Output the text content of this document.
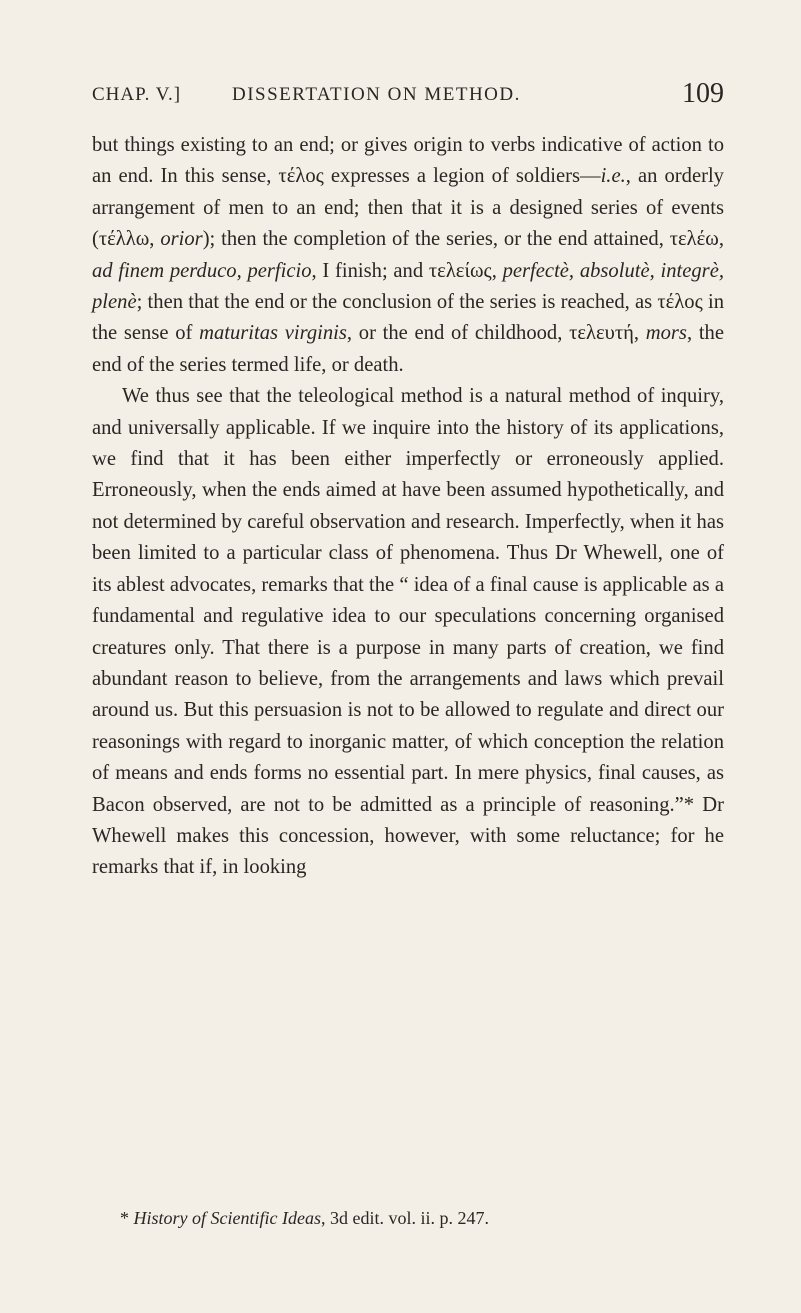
CHAP. V.]	DISSERTATION ON METHOD.	109

but things existing to an end; or gives origin to verbs indicative of action to an end. In this sense, τέλος expresses a legion of soldiers—i.e., an orderly arrangement of men to an end; then that it is a designed series of events (τέλλω, orior); then the completion of the series, or the end attained, τελέω, ad finem perduco, perficio, I finish; and τελείως, perfectè, absolutè, integrè, plenè; then that the end or the conclusion of the series is reached, as τέλος in the sense of maturitas virginis, or the end of childhood, τελευτή, mors, the end of the series termed life, or death.

We thus see that the teleological method is a natural method of inquiry, and universally applicable. If we inquire into the history of its applications, we find that it has been either imperfectly or erroneously applied. Erroneously, when the ends aimed at have been assumed hypothetically, and not determined by careful observation and research. Imperfectly, when it has been limited to a particular class of phenomena. Thus Dr Whewell, one of its ablest advocates, remarks that the “ idea of a final cause is applicable as a fundamental and regulative idea to our speculations concerning organised creatures only. That there is a purpose in many parts of creation, we find abundant reason to believe, from the arrangements and laws which prevail around us. But this persuasion is not to be allowed to regulate and direct our reasonings with regard to inorganic matter, of which conception the relation of means and ends forms no essential part. In mere physics, final causes, as Bacon observed, are not to be admitted as a principle of reasoning.”* Dr Whewell makes this concession, however, with some reluctance; for he remarks that if, in looking

* History of Scientific Ideas, 3d edit. vol. ii. p. 247.
